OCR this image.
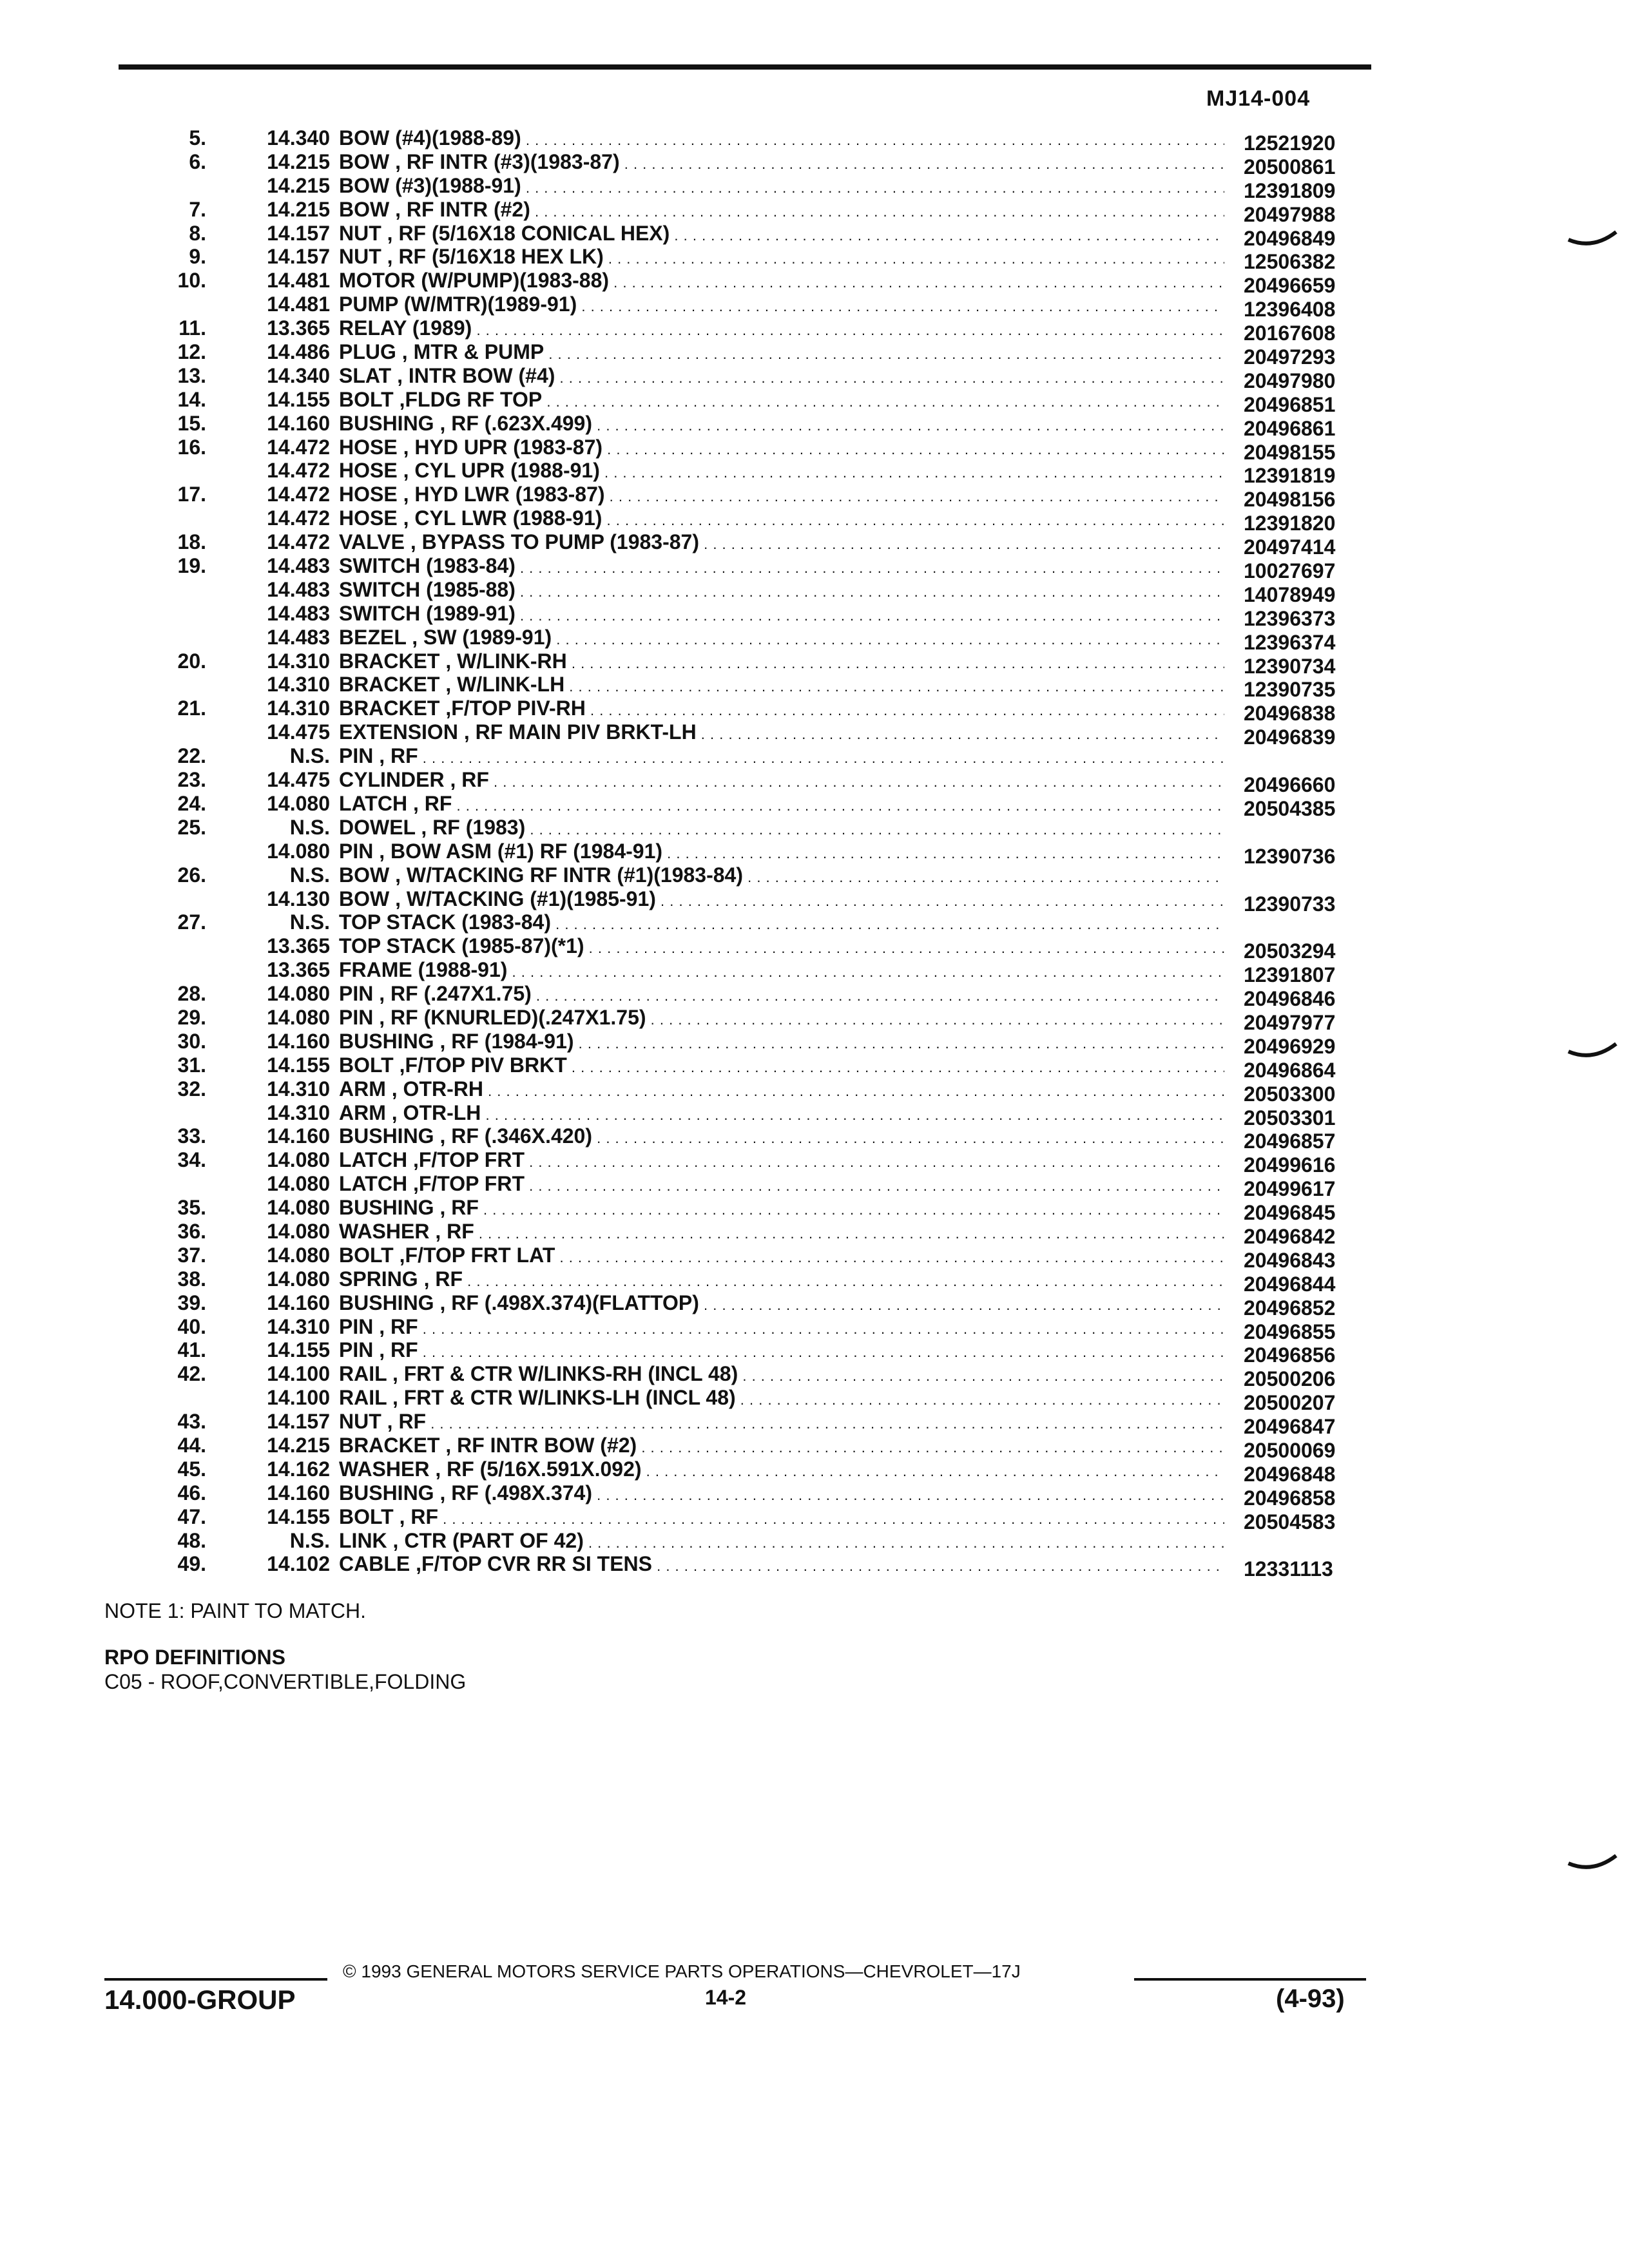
MJ14-004
5.	14.340 BOW (#4)(1988-89) . . .	12521920
6.	14.215 BOW , RF INTR (#3)(1983-87) . . .	20500861
14.215 BOW (#3)(1988-91) . . .	12391809
7.	14.215 BOW , RF INTR (#2) . . .	20497988
8.	14.157 NUT , RF (5/16X18 CONICAL HEX) . . .	20496849
9.	14.157 NUT , RF (5/16X18 HEX LK) . . .	12506382
10.	14.481 MOTOR (W/PUMP)(1983-88) . . .	20496659
14.481 PUMP (W/MTR)(1989-91) . . .	12396408
11.	13.365 RELAY (1989) . . .	20167608
12.	14.486 PLUG , MTR & PUMP . . .	20497293
13.	14.340 SLAT , INTR BOW (#4) . . .	20497980
14.	14.155 BOLT ,FLDG RF TOP . . .	20496851
15.	14.160 BUSHING , RF (.623X.499) . . .	20496861
16.	14.472 HOSE , HYD UPR (1983-87) . . .	20498155
14.472 HOSE , CYL UPR (1988-91) . . .	12391819
17.	14.472 HOSE , HYD LWR (1983-87) . . .	20498156
14.472 HOSE , CYL LWR (1988-91) . . .	12391820
18.	14.472 VALVE , BYPASS TO PUMP (1983-87) . . .	20497414
19.	14.483 SWITCH (1983-84) . . .	10027697
14.483 SWITCH (1985-88) . . .	14078949
14.483 SWITCH (1989-91) . . .	12396373
14.483 BEZEL , SW (1989-91) . . .	12396374
20.	14.310 BRACKET , W/LINK-RH . . .	12390734
14.310 BRACKET , W/LINK-LH . . .	12390735
21.	14.310 BRACKET ,F/TOP PIV-RH . . .	20496838
14.475 EXTENSION , RF MAIN PIV BRKT-LH . . .	20496839
22.	N.S. PIN , RF . . .
23.	14.475 CYLINDER , RF . . .	20496660
24.	14.080 LATCH , RF . . .	20504385
25.	N.S. DOWEL , RF (1983) . . .
14.080 PIN , BOW ASM (#1) RF (1984-91) . . .	12390736
26.	N.S. BOW , W/TACKING RF INTR (#1)(1983-84) . . .
14.130 BOW , W/TACKING (#1)(1985-91) . . .	12390733
27.	N.S. TOP STACK (1983-84) . . .
13.365 TOP STACK (1985-87)(*1) . . .	20503294
13.365 FRAME (1988-91) . . .	12391807
28.	14.080 PIN , RF (.247X1.75) . . .	20496846
29.	14.080 PIN , RF (KNURLED)(.247X1.75) . . .	20497977
30.	14.160 BUSHING , RF (1984-91) . . .	20496929
31.	14.155 BOLT ,F/TOP PIV BRKT . . .	20496864
32.	14.310 ARM , OTR-RH . . .	20503300
14.310 ARM , OTR-LH . . .	20503301
33.	14.160 BUSHING , RF (.346X.420) . . .	20496857
34.	14.080 LATCH ,F/TOP FRT . . .	20499616
14.080 LATCH ,F/TOP FRT . . .	20499617
35.	14.080 BUSHING , RF . . .	20496845
36.	14.080 WASHER , RF . . .	20496842
37.	14.080 BOLT ,F/TOP FRT LAT . . .	20496843
38.	14.080 SPRING , RF . . .	20496844
39.	14.160 BUSHING , RF (.498X.374)(FLATTOP) . . .	20496852
40.	14.310 PIN , RF . . .	20496855
41.	14.155 PIN , RF . . .	20496856
42.	14.100 RAIL , FRT & CTR W/LINKS-RH (INCL 48) . . .	20500206
14.100 RAIL , FRT & CTR W/LINKS-LH (INCL 48) . . .	20500207
43.	14.157 NUT , RF . . .	20496847
44.	14.215 BRACKET , RF INTR BOW (#2) . . .	20500069
45.	14.162 WASHER , RF (5/16X.591X.092) . . .	20496848
46.	14.160 BUSHING , RF (.498X.374) . . .	20496858
47.	14.155 BOLT , RF . . .	20504583
48.	N.S. LINK , CTR (PART OF 42) . . .
49.	14.102 CABLE ,F/TOP CVR RR SI TENS . . .	12331113
NOTE 1: PAINT TO MATCH.
RPO DEFINITIONS
C05 - ROOF,CONVERTIBLE,FOLDING
© 1993 GENERAL MOTORS SERVICE PARTS OPERATIONS—CHEVROLET—17J
14.000-GROUP	14-2	(4-93)
